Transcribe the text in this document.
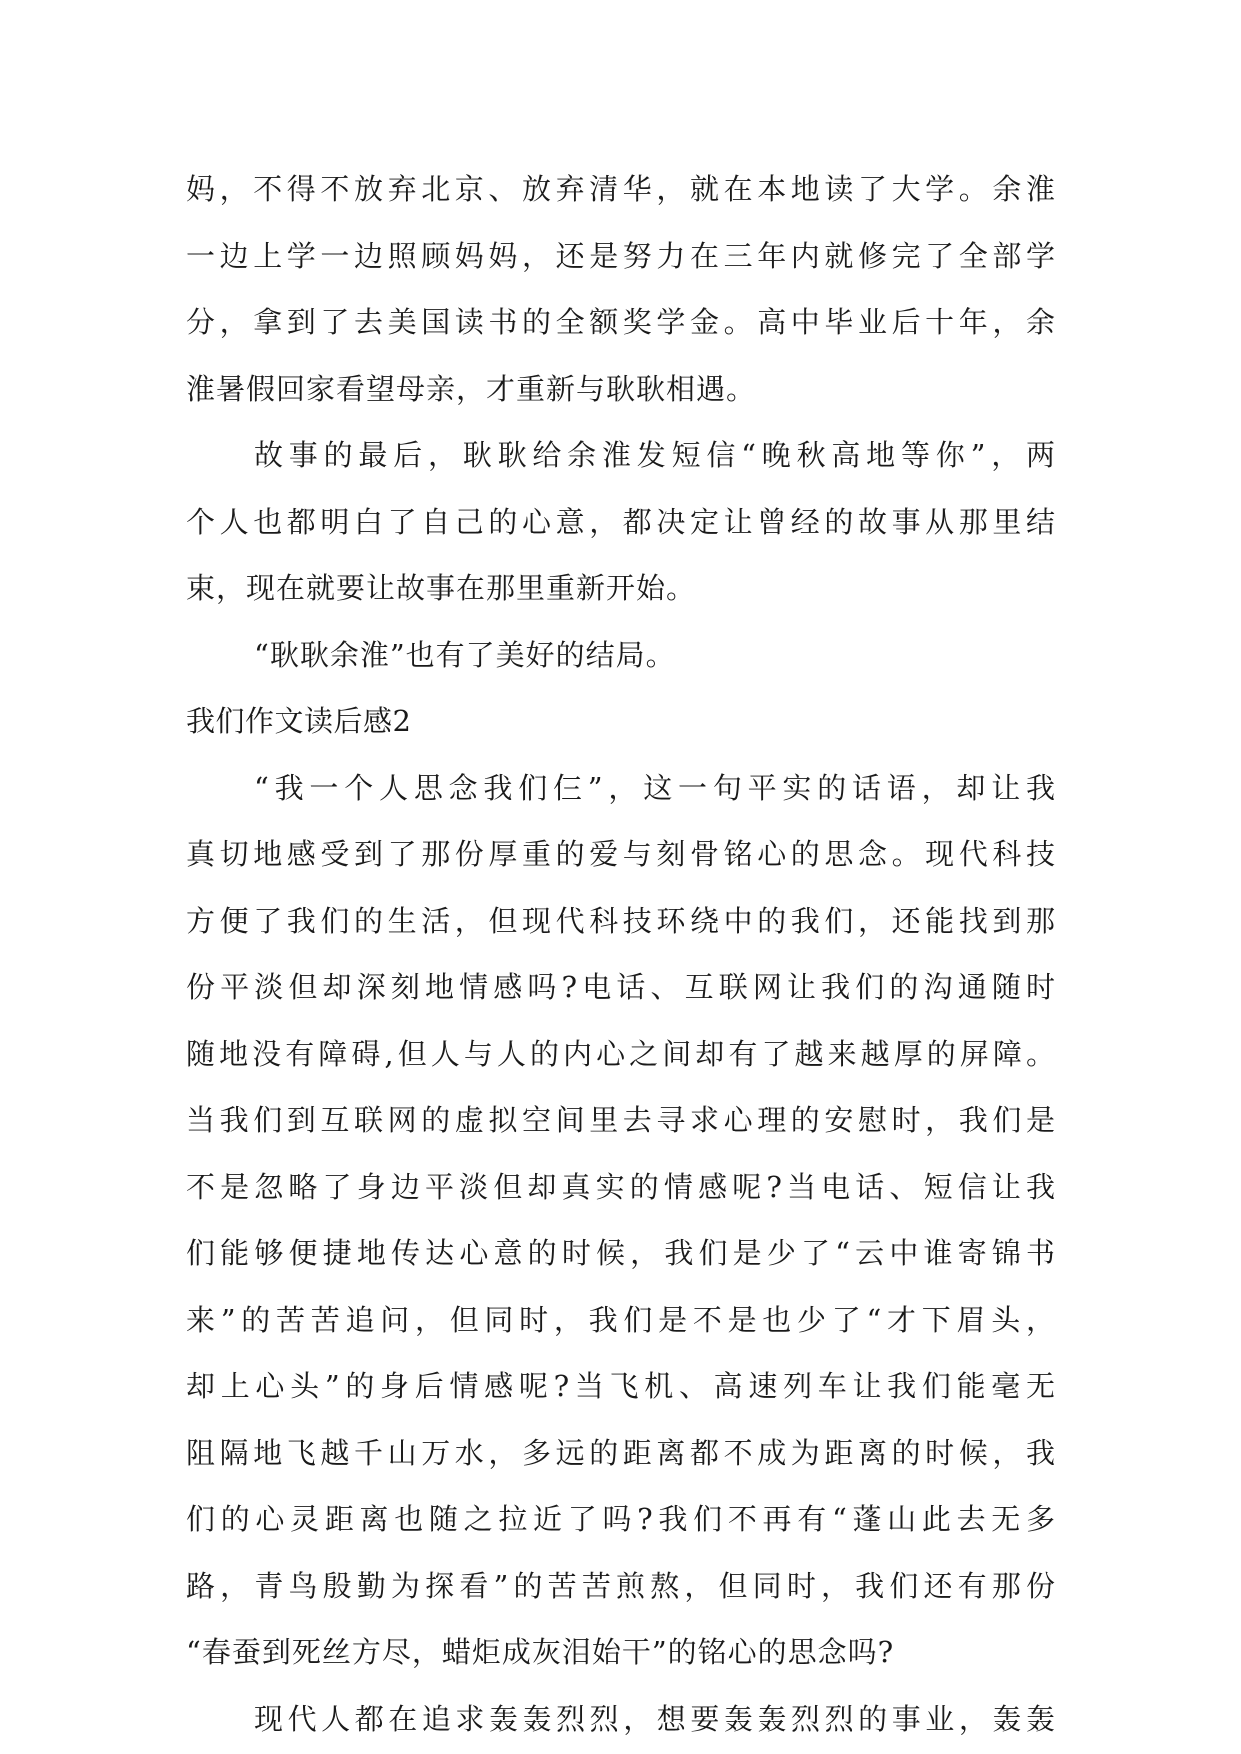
妈，不得不放弃北京、放弃清华，就在本地读了大学。余淮
一边上学一边照顾妈妈，还是努力在三年内就修完了全部学
分，拿到了去美国读书的全额奖学金。高中毕业后十年，余
淮暑假回家看望母亲，才重新与耿耿相遇。
故事的最后，耿耿给余淮发短信“晚秋高地等你”，两
个人也都明白了自己的心意，都决定让曾经的故事从那里结
束，现在就要让故事在那里重新开始。
“耿耿余淮”也有了美好的结局。
我们作文读后感2
“我一个人思念我们仨”，这一句平实的话语，却让我
真切地感受到了那份厚重的爱与刻骨铭心的思念。现代科技
方便了我们的生活，但现代科技环绕中的我们，还能找到那
份平淡但却深刻地情感吗?电话、互联网让我们的沟通随时
随地没有障碍,但人与人的内心之间却有了越来越厚的屏障。
当我们到互联网的虚拟空间里去寻求心理的安慰时，我们是
不是忽略了身边平淡但却真实的情感呢?当电话、短信让我
们能够便捷地传达心意的时候，我们是少了“云中谁寄锦书
来”的苦苦追问，但同时，我们是不是也少了“才下眉头，
却上心头”的身后情感呢?当飞机、高速列车让我们能毫无
阻隔地飞越千山万水，多远的距离都不成为距离的时候，我
们的心灵距离也随之拉近了吗?我们不再有“蓬山此去无多
路，青鸟殷勤为探看”的苦苦煎熬，但同时，我们还有那份
“春蚕到死丝方尽，蜡炬成灰泪始干”的铭心的思念吗?
现代人都在追求轰轰烈烈，想要轰轰烈烈的事业，轰轰
